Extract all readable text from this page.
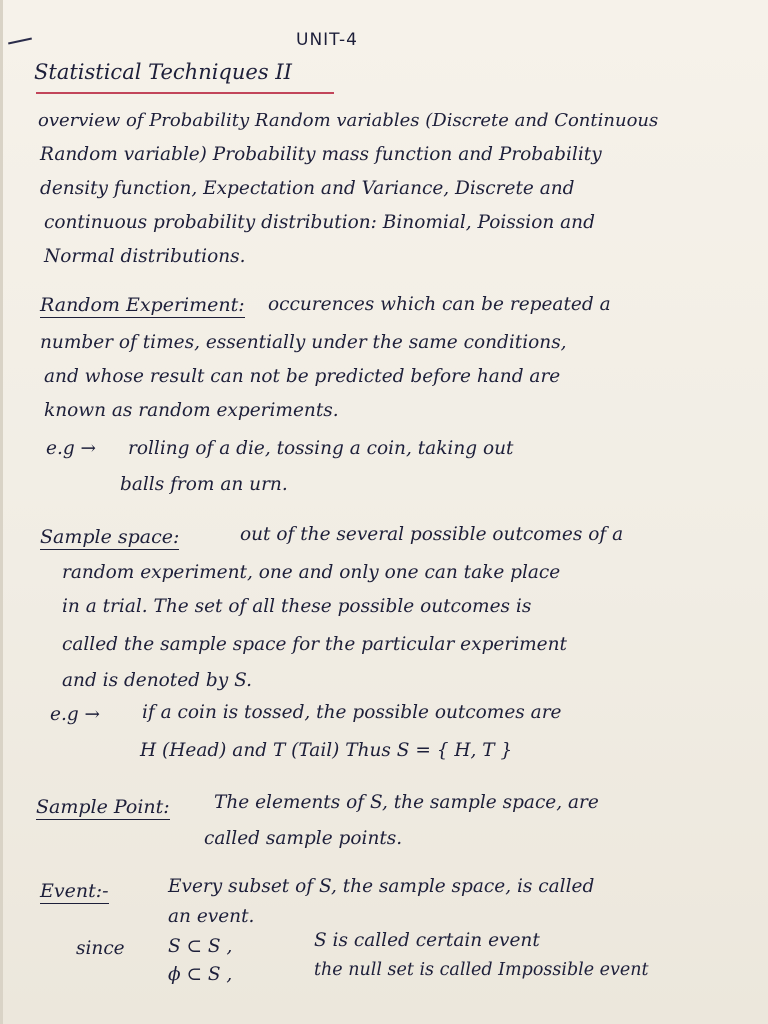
UNIT-4
Statistical Techniques II
overview of Probability Random variables (Discrete and Continuous
Random variable) Probability mass function and Probability
density function, Expectation and Variance, Discrete and
continuous probability distribution: Binomial, Poission and
Normal distributions.
Random Experiment: occurences which can be repeated a
number of times, essentially under the same conditions,
and whose result can not be predicted before hand are
known as random experiments.
e.g → rolling of a die, tossing a coin, taking out
balls from an urn.
Sample space:	out of the several possible outcomes of a
random experiment, one and only one can take place
in a trial. The set of all these possible outcomes is
called the sample space for the particular experiment
and is denoted by S.
e.g → if a coin is tossed, the possible outcomes are
H (Head) and T (Tail) Thus S = { H, T }
Sample Point: The elements of S, the sample space, are
called sample points.
Event:-	Every subset of S, the sample space, is called
an event.
since S ⊂ S ,	S is called certain event
ϕ ⊂ S ,	the null set is called Impossible event
